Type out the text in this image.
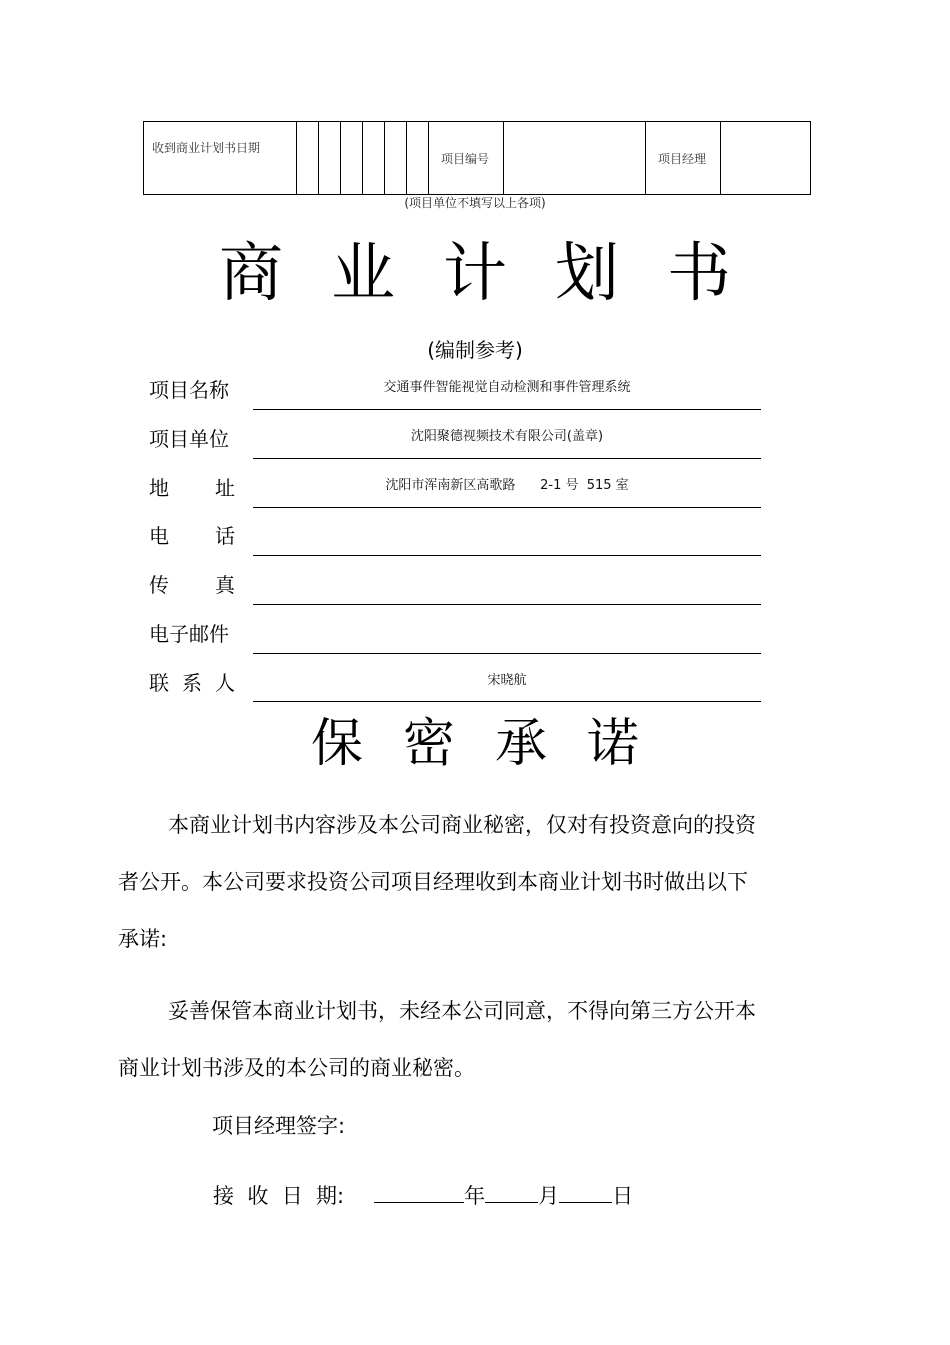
收到商业计划书日期							项目编号		项目经理	
(项目单位不填写以上各项)
商 业 计 划 书
(编制参考)
项目名称	交通事件智能视觉自动检测和事件管理系统
项目单位	沈阳聚德视频技术有限公司(盖章)
地 址	沈阳市浑南新区高歌路      2-1 号  515 室
电 话
传 真
电子邮件
联 系 人	宋晓航
保 密 承 诺

本商业计划书内容涉及本公司商业秘密，仅对有投资意向的投资者公开。本公司要求投资公司项目经理收到本商业计划书时做出以下承诺:

妥善保管本商业计划书，未经本公司同意，不得向第三方公开本商业计划书涉及的本公司的商业秘密。

项目经理签字:
接  收  日  期:	年	月	日
